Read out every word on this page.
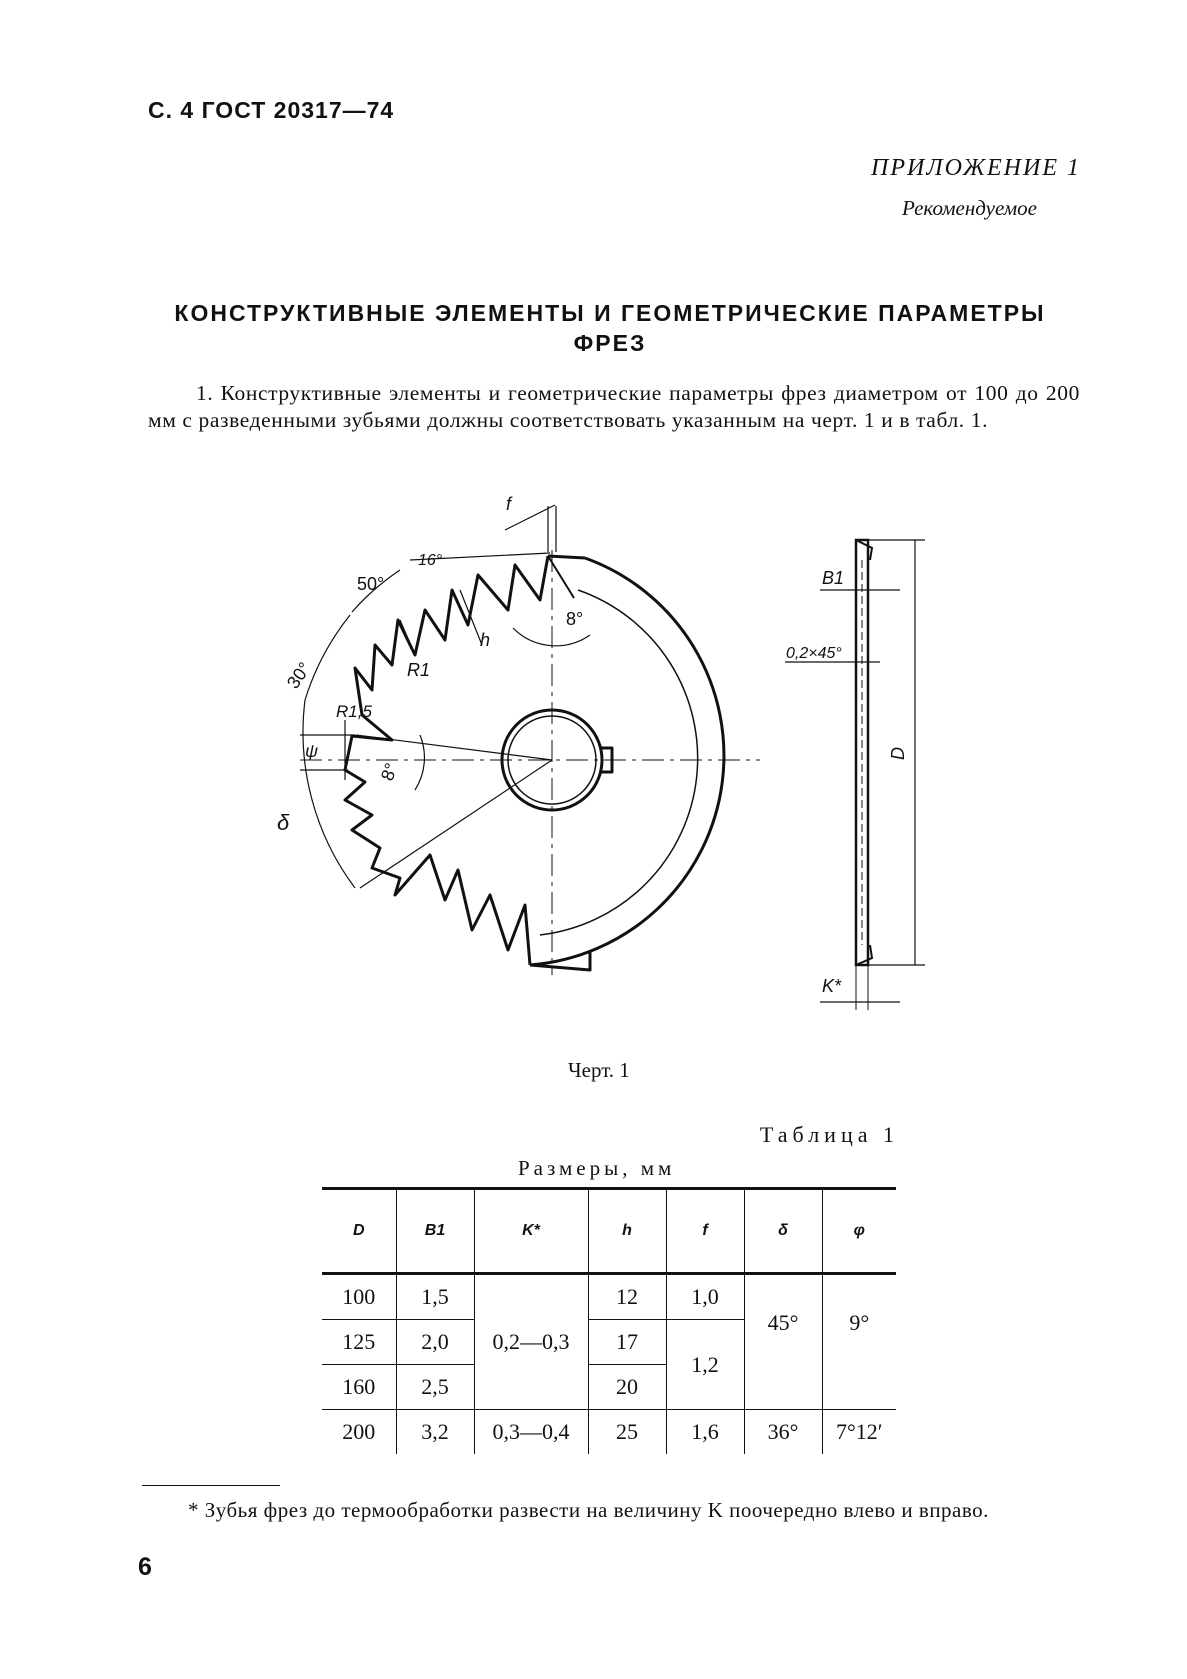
С. 4 ГОСТ 20317—74
ПРИЛОЖЕНИЕ 1
Рекомендуемое
КОНСТРУКТИВНЫЕ ЭЛЕМЕНТЫ И ГЕОМЕТРИЧЕСКИЕ ПАРАМЕТРЫ
ФРЕЗ
1. Конструктивные элементы и геометрические параметры фрез диаметром от 100 до 200 мм с разведенными зубьями должны соответствовать указанным на черт. 1 и в табл. 1.
f
16°
50°
30°
8°
8°
h
R1
R1,5
ψ
δ
B1
0,2×45°
D
K*
Черт. 1
Таблица 1
Размеры, мм
D	B1	K*	h	f	δ	φ
100	1,5	0,2—0,3	12	1,0	45°	9°
125	2,0		17	1,2		
160	2,5		20			
200	3,2	0,3—0,4	25	1,6	36°	7°12′
* Зубья фрез до термообработки развести на величину K поочередно влево и вправо.
6
